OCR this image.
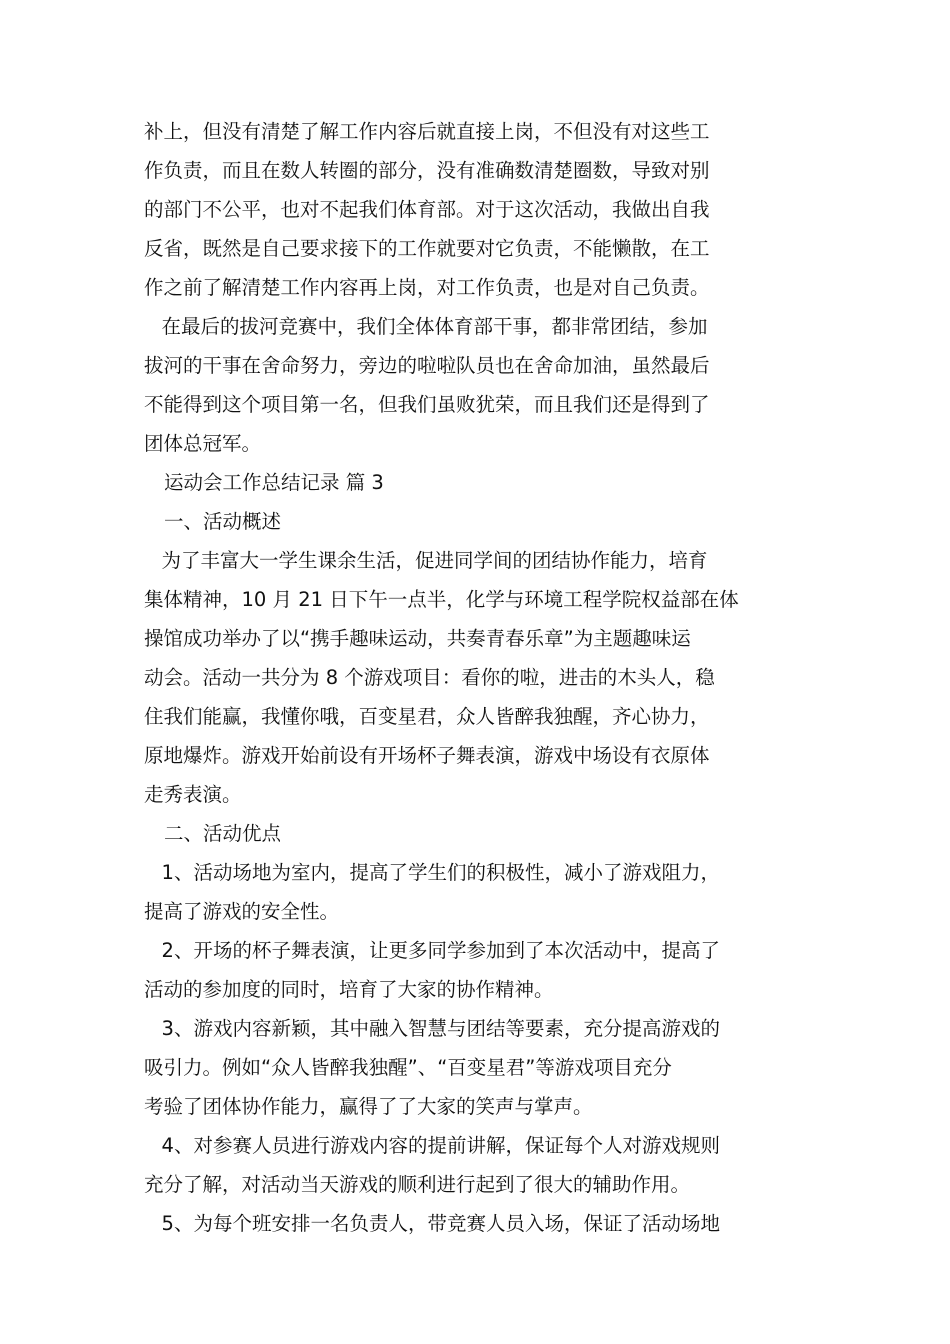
补上，但没有清楚了解工作内容后就直接上岗，不但没有对这些工
作负责，而且在数人转圈的部分，没有准确数清楚圈数，导致对别
的部门不公平，也对不起我们体育部。对于这次活动，我做出自我
反省，既然是自己要求接下的工作就要对它负责，不能懒散，在工
作之前了解清楚工作内容再上岗，对工作负责，也是对自己负责。

在最后的拔河竞赛中，我们全体体育部干事，都非常团结，参加
拔河的干事在舍命努力，旁边的啦啦队员也在舍命加油，虽然最后
不能得到这个项目第一名，但我们虽败犹荣，而且我们还是得到了
团体总冠军。

运动会工作总结记录 篇 3

一、活动概述

为了丰富大一学生课余生活，促进同学间的团结协作能力，培育
集体精神，10 月 21 日下午一点半，化学与环境工程学院权益部在体
操馆成功举办了以“携手趣味运动，共奏青春乐章”为主题趣味运
动会。活动一共分为 8 个游戏项目：看你的啦，进击的木头人，稳
住我们能赢，我懂你哦，百变星君，众人皆醉我独醒，齐心协力，
原地爆炸。游戏开始前设有开场杯子舞表演，游戏中场设有衣原体
走秀表演。

二、活动优点

1、活动场地为室内，提高了学生们的积极性，减小了游戏阻力，
提高了游戏的安全性。

2、开场的杯子舞表演，让更多同学参加到了本次活动中，提高了
活动的参加度的同时，培育了大家的协作精神。

3、游戏内容新颖，其中融入智慧与团结等要素，充分提高游戏的
吸引力。例如“众人皆醉我独醒”、“百变星君”等游戏项目充分
考验了团体协作能力，赢得了了大家的笑声与掌声。

4、对参赛人员进行游戏内容的提前讲解，保证每个人对游戏规则
充分了解，对活动当天游戏的顺利进行起到了很大的辅助作用。

5、为每个班安排一名负责人，带竞赛人员入场，保证了活动场地
